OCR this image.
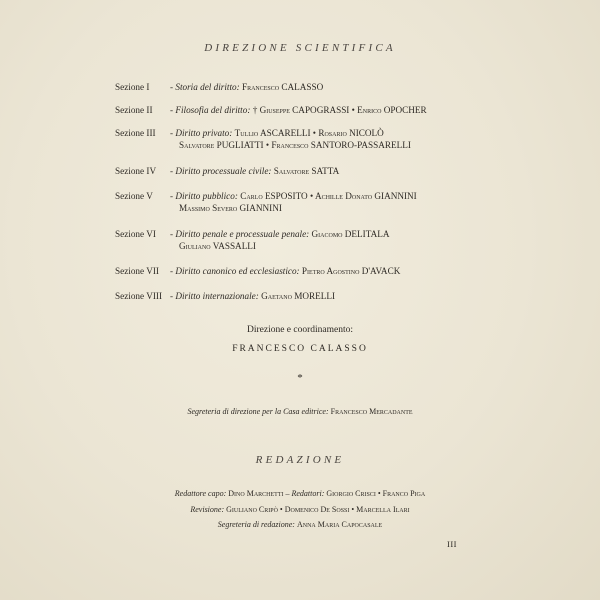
DIREZIONE SCIENTIFICA
Sezione I - Storia del diritto: Francesco CALASSO
Sezione II - Filosofia del diritto: † Giuseppe CAPOGRASSI • Enrico OPOCHER
Sezione III - Diritto privato: Tullio ASCARELLI • Rosario NICOLÒ
Salvatore PUGLIATTI • Francesco SANTORO-PASSARELLI
Sezione IV - Diritto processuale civile: Salvatore SATTA
Sezione V - Diritto pubblico: Carlo ESPOSITO • Achille Donato GIANNINI
Massimo Severo GIANNINI
Sezione VI - Diritto penale e processuale penale: Giacomo DELITALA
Giuliano VASSALLI
Sezione VII - Diritto canonico ed ecclesiastico: Pietro Agostino D'AVACK
Sezione VIII - Diritto internazionale: Gaetano MORELLI
Direzione e coordinamento:
FRANCESCO CALASSO
*
Segreteria di direzione per la Casa editrice: Francesco Mercadante
REDAZIONE
Redattore capo: Dino Marchetti – Redattori: Giorgio Crisci • Franco Piga
Revisione: Giuliano Cripò • Domenico De Sossi • Marcella Ilari
Segreteria di redazione: Anna Maria Capocasale
III
